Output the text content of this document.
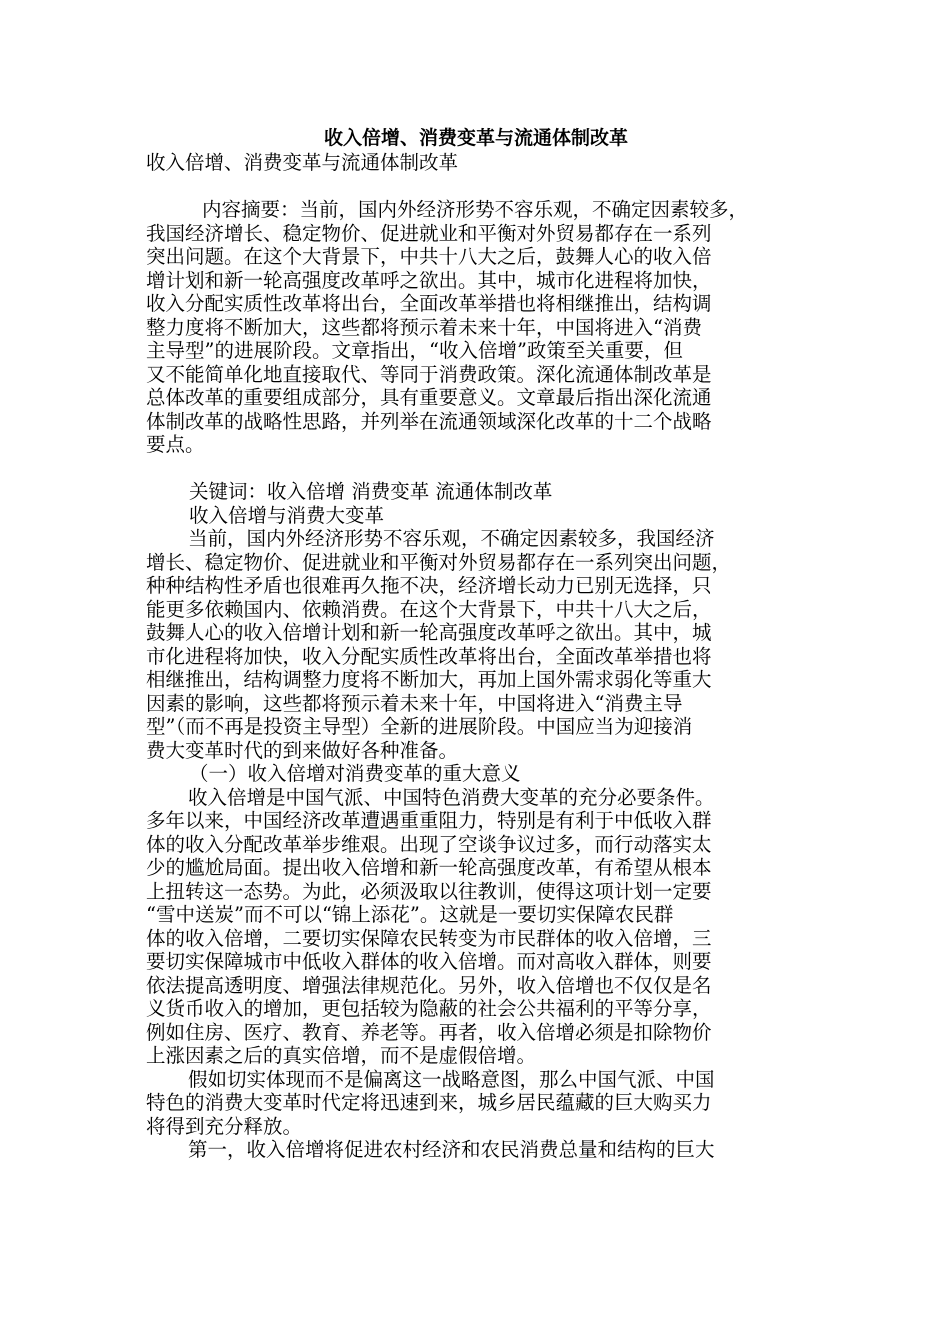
收入倍增、消费变革与流通体制改革

收入倍增、消费变革与流通体制改革

内容摘要：当前，国内外经济形势不容乐观，不确定因素较多，

我国经济增长、稳定物价、促进就业和平衡对外贸易都存在一系列

突出问题。在这个大背景下，中共十八大之后，鼓舞人心的收入倍

增计划和新一轮高强度改革呼之欲出。其中，城市化进程将加快，

收入分配实质性改革将出台，全面改革举措也将相继推出，结构调

整力度将不断加大，这些都将预示着未来十年，中国将进入“消费

主导型”的进展阶段。文章指出，“收入倍增”政策至关重要，但

又不能简单化地直接取代、等同于消费政策。深化流通体制改革是

总体改革的重要组成部分，具有重要意义。文章最后指出深化流通

体制改革的战略性思路，并列举在流通领域深化改革的十二个战略

要点。

关键词：收入倍增 消费变革 流通体制改革

收入倍增与消费大变革

当前，国内外经济形势不容乐观，不确定因素较多，我国经济

增长、稳定物价、促进就业和平衡对外贸易都存在一系列突出问题，

种种结构性矛盾也很难再久拖不决，经济增长动力已别无选择，只

能更多依赖国内、依赖消费。在这个大背景下，中共十八大之后，

鼓舞人心的收入倍增计划和新一轮高强度改革呼之欲出。其中，城

市化进程将加快，收入分配实质性改革将出台，全面改革举措也将

相继推出，结构调整力度将不断加大，再加上国外需求弱化等重大

因素的影响，这些都将预示着未来十年，中国将进入“消费主导

型”（而不再是投资主导型）全新的进展阶段。中国应当为迎接消

费大变革时代的到来做好各种准备。

（一）收入倍增对消费变革的重大意义

收入倍增是中国气派、中国特色消费大变革的充分必要条件。

多年以来，中国经济改革遭遇重重阻力，特别是有利于中低收入群

体的收入分配改革举步维艰。出现了空谈争议过多，而行动落实太

少的尴尬局面。提出收入倍增和新一轮高强度改革，有希望从根本

上扭转这一态势。为此，必须汲取以往教训，使得这项计划一定要

“雪中送炭”而不可以“锦上添花”。这就是一要切实保障农民群

体的收入倍增，二要切实保障农民转变为市民群体的收入倍增，三

要切实保障城市中低收入群体的收入倍增。而对高收入群体，则要

依法提高透明度、增强法律规范化。另外，收入倍增也不仅仅是名

义货币收入的增加，更包括较为隐蔽的社会公共福利的平等分享，

例如住房、医疗、教育、养老等。再者，收入倍增必须是扣除物价

上涨因素之后的真实倍增，而不是虚假倍增。

假如切实体现而不是偏离这一战略意图，那么中国气派、中国

特色的消费大变革时代定将迅速到来，城乡居民蕴藏的巨大购买力

将得到充分释放。

第一，收入倍增将促进农村经济和农民消费总量和结构的巨大
